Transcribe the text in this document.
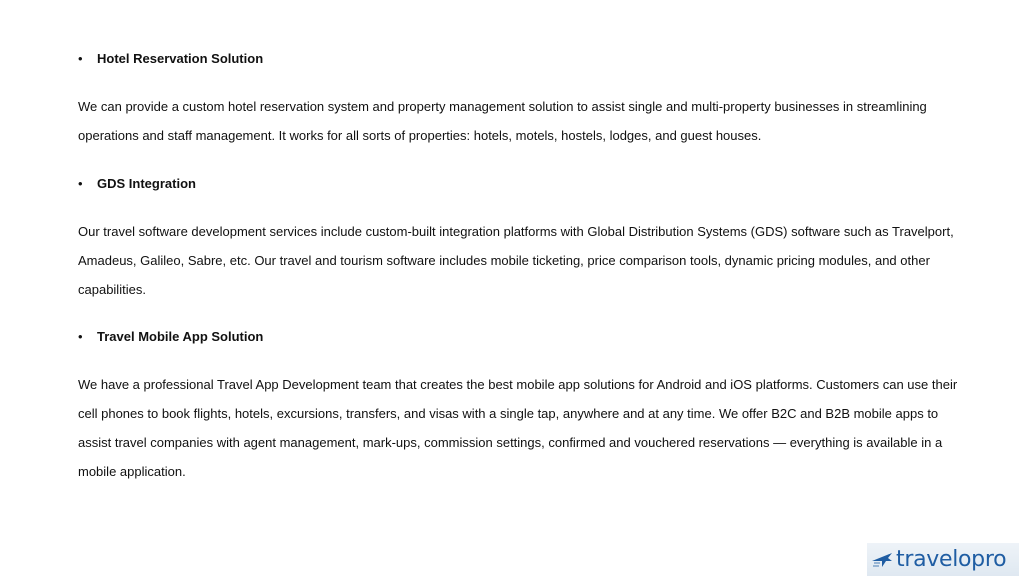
•	Hotel Reservation Solution

We can provide a custom hotel reservation system and property management solution to assist single and multi-property businesses in streamlining operations and staff management. It works for all sorts of properties: hotels, motels, hostels, lodges, and guest houses.

•	GDS Integration

Our travel software development services include custom-built integration platforms with Global Distribution Systems (GDS) software such as Travelport, Amadeus, Galileo, Sabre, etc. Our travel and tourism software includes mobile ticketing, price comparison tools, dynamic pricing modules, and other capabilities.

•	Travel Mobile App Solution

We have a professional Travel App Development team that creates the best mobile app solutions for Android and iOS platforms. Customers can use their cell phones to book flights, hotels, excursions, transfers, and visas with a single tap, anywhere and at any time. We offer B2C and B2B mobile apps to assist travel companies with agent management, mark-ups, commission settings, confirmed and vouchered reservations — everything is available in a mobile application.

travelopro
